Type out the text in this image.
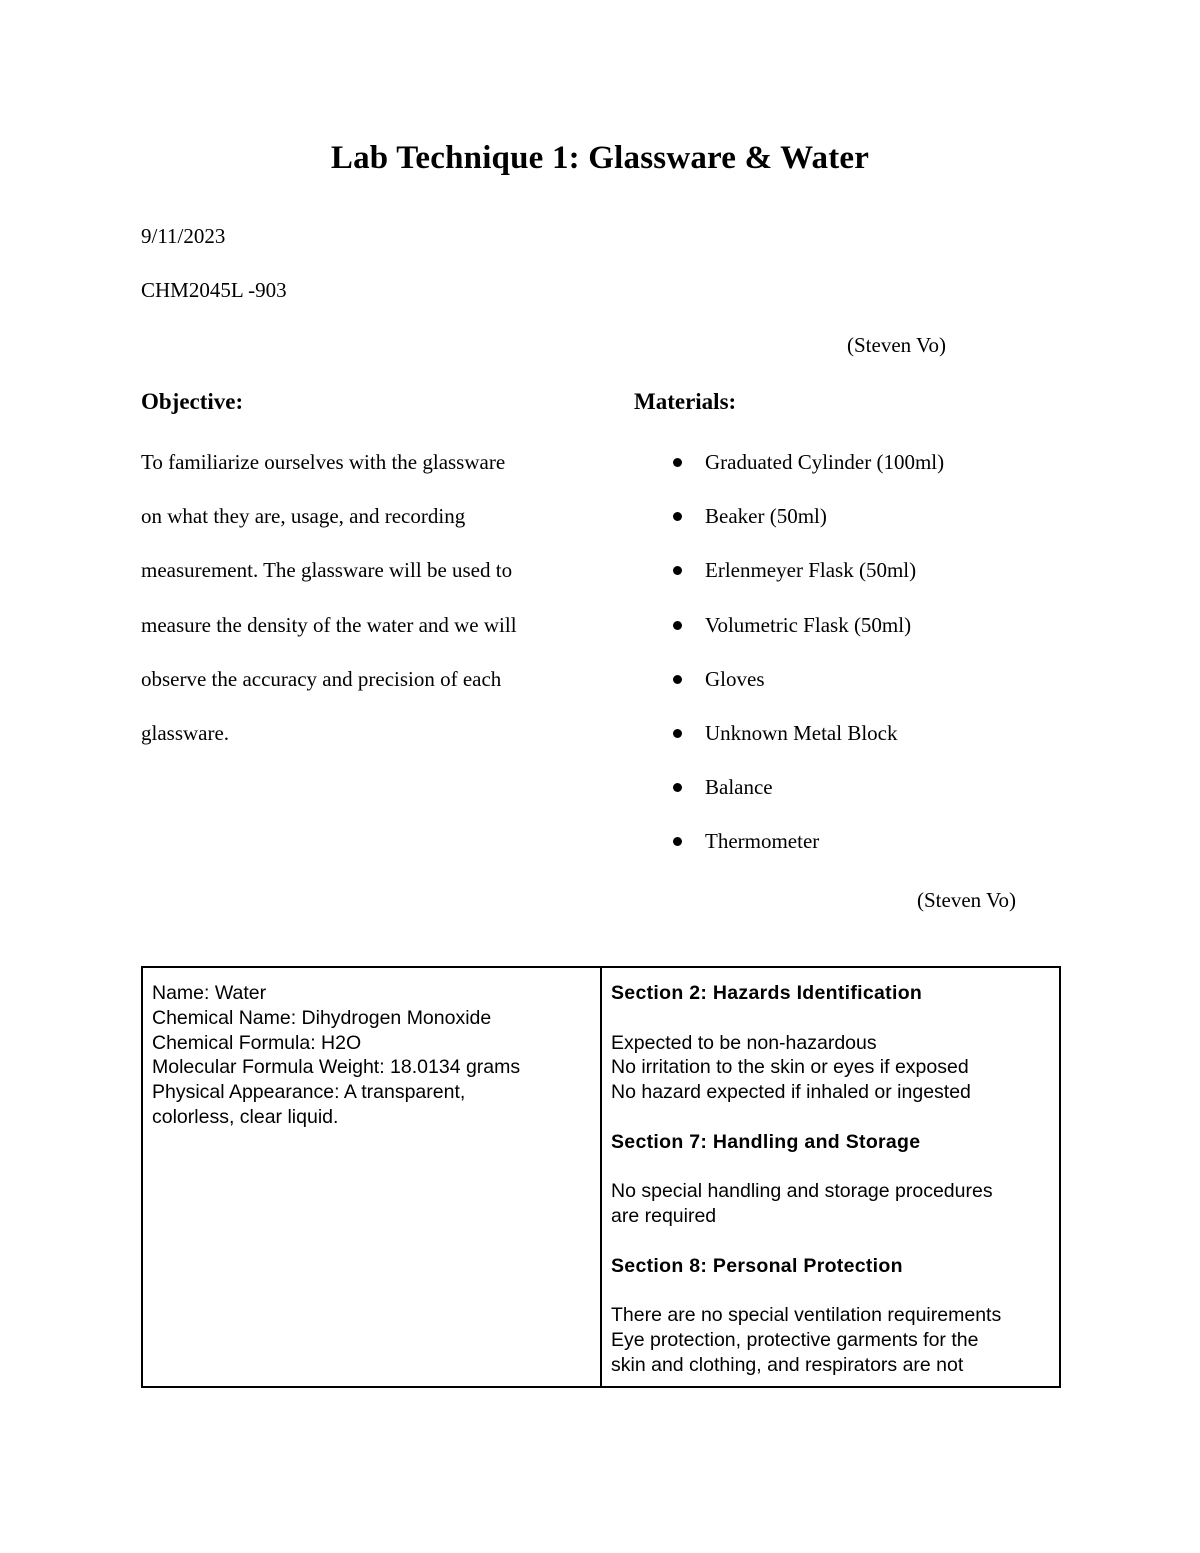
Lab Technique 1: Glassware & Water
9/11/2023
CHM2045L -903
(Steven Vo)
Objective:	Materials:
To familiarize ourselves with the glassware
on what they are, usage, and recording
measurement. The glassware will be used to
measure the density of the water and we will
observe the accuracy and precision of each
glassware.
Graduated Cylinder (100ml)
Beaker (50ml)
Erlenmeyer Flask (50ml)
Volumetric Flask (50ml)
Gloves
Unknown Metal Block
Balance
Thermometer
(Steven Vo)
Name: Water
Chemical Name: Dihydrogen Monoxide
Chemical Formula: H2O
Molecular Formula Weight: 18.0134 grams
Physical Appearance: A transparent,
colorless, clear liquid.
Section 2: Hazards Identification
Expected to be non-hazardous
No irritation to the skin or eyes if exposed
No hazard expected if inhaled or ingested
Section 7: Handling and Storage
No special handling and storage procedures
are required
Section 8: Personal Protection
There are no special ventilation requirements
Eye protection, protective garments for the
skin and clothing, and respirators are not
